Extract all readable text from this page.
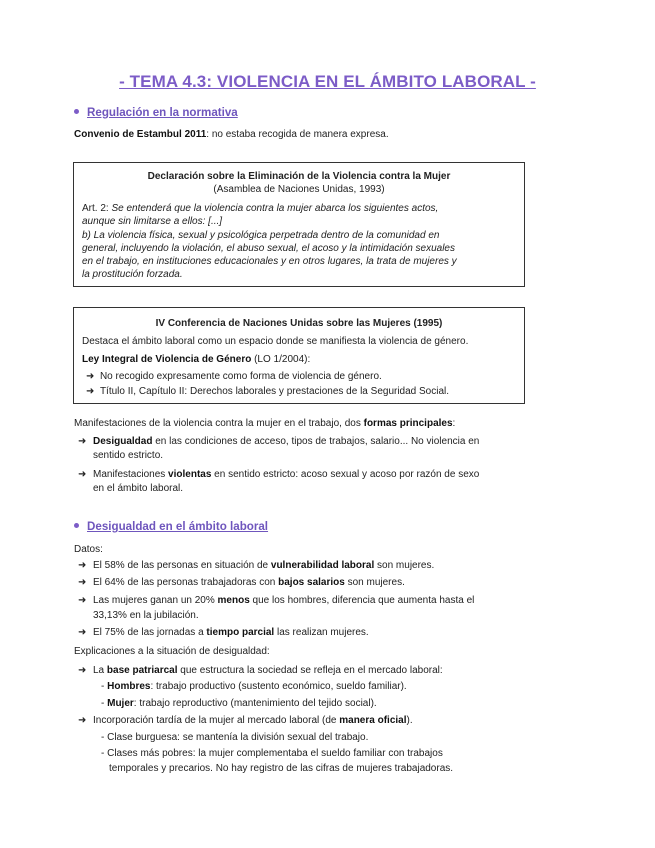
- TEMA 4.3: VIOLENCIA EN EL ÁMBITO LABORAL -
Regulación en la normativa
Convenio de Estambul 2011: no estaba recogida de manera expresa.
Declaración sobre la Eliminación de la Violencia contra la Mujer
(Asamblea de Naciones Unidas, 1993)
Art. 2: Se entenderá que la violencia contra la mujer abarca los siguientes actos,
aunque sin limitarse a ellos: [...]
b) La violencia física, sexual y psicológica perpetrada dentro de la comunidad en
general, incluyendo la violación, el abuso sexual, el acoso y la intimidación sexuales
en el trabajo, en instituciones educacionales y en otros lugares, la trata de mujeres y
la prostitución forzada.
IV Conferencia de Naciones Unidas sobre las Mujeres (1995)
Destaca el ámbito laboral como un espacio donde se manifiesta la violencia de género.
Ley Integral de Violencia de Género (LO 1/2004):
➜ No recogido expresamente como forma de violencia de género.
➜ Título II, Capítulo II: Derechos laborales y prestaciones de la Seguridad Social.
Manifestaciones de la violencia contra la mujer en el trabajo, dos formas principales:
➜ Desigualdad en las condiciones de acceso, tipos de trabajos, salario... No violencia en
sentido estricto.
➜ Manifestaciones violentas en sentido estricto: acoso sexual y acoso por razón de sexo
en el ámbito laboral.
Desigualdad en el ámbito laboral
Datos:
➜ El 58% de las personas en situación de vulnerabilidad laboral son mujeres.
➜ El 64% de las personas trabajadoras con bajos salarios son mujeres.
➜ Las mujeres ganan un 20% menos que los hombres, diferencia que aumenta hasta el
33,13% en la jubilación.
➜ El 75% de las jornadas a tiempo parcial las realizan mujeres.
Explicaciones a la situación de desigualdad:
➜ La base patriarcal que estructura la sociedad se refleja en el mercado laboral:
- Hombres: trabajo productivo (sustento económico, sueldo familiar).
- Mujer: trabajo reproductivo (mantenimiento del tejido social).
➜ Incorporación tardía de la mujer al mercado laboral (de manera oficial).
- Clase burguesa: se mantenía la división sexual del trabajo.
- Clases más pobres: la mujer complementaba el sueldo familiar con trabajos
temporales y precarios. No hay registro de las cifras de mujeres trabajadoras.
